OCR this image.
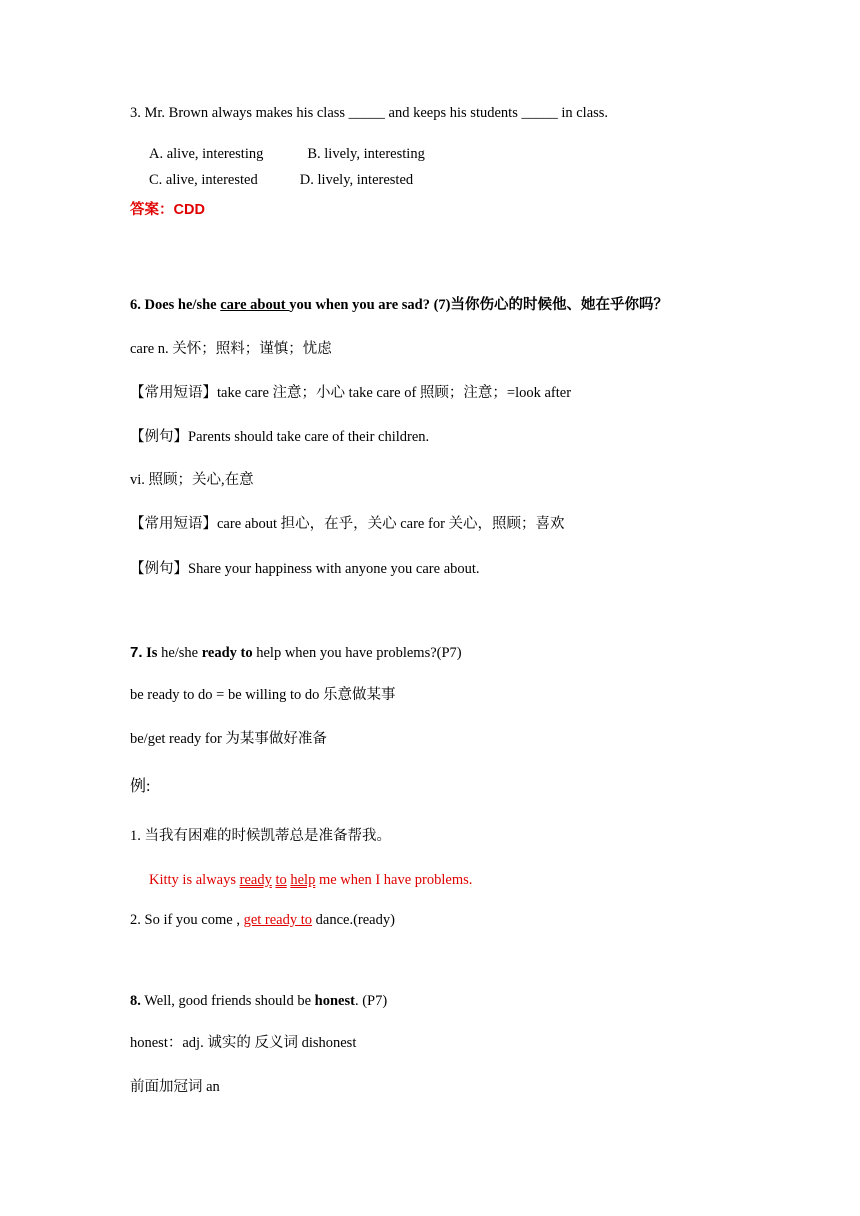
3. Mr. Brown always makes his class _____ and keeps his students _____ in class.
A. alive, interesting	B. lively, interesting
C. alive, interested	D. lively, interested
答案：CDD
6. Does he/she care about you when you are sad? (7)当你伤心的时候他、她在乎你吗？
care n. 关怀；照料；谨慎；忧虑
【常用短语】take care 注意；小心 take care of 照顾；注意；=look after
【例句】Parents should take care of their children.
vi. 照顾；关心,在意
【常用短语】care about 担心，在乎，关心 care for 关心，照顾；喜欢
【例句】Share your happiness with anyone you care about.
7. Is he/she ready to help when you have problems?(P7)
be ready to do = be willing to do 乐意做某事
be/get ready for 为某事做好准备
例:
1. 当我有困难的时候凯蒂总是准备帮我。
Kitty is always ready to help me when I have problems.
2. So if you come , get ready to dance.(ready)
8. Well, good friends should be honest. (P7)
honest：adj. 诚实的 反义词 dishonest
前面加冠词 an
